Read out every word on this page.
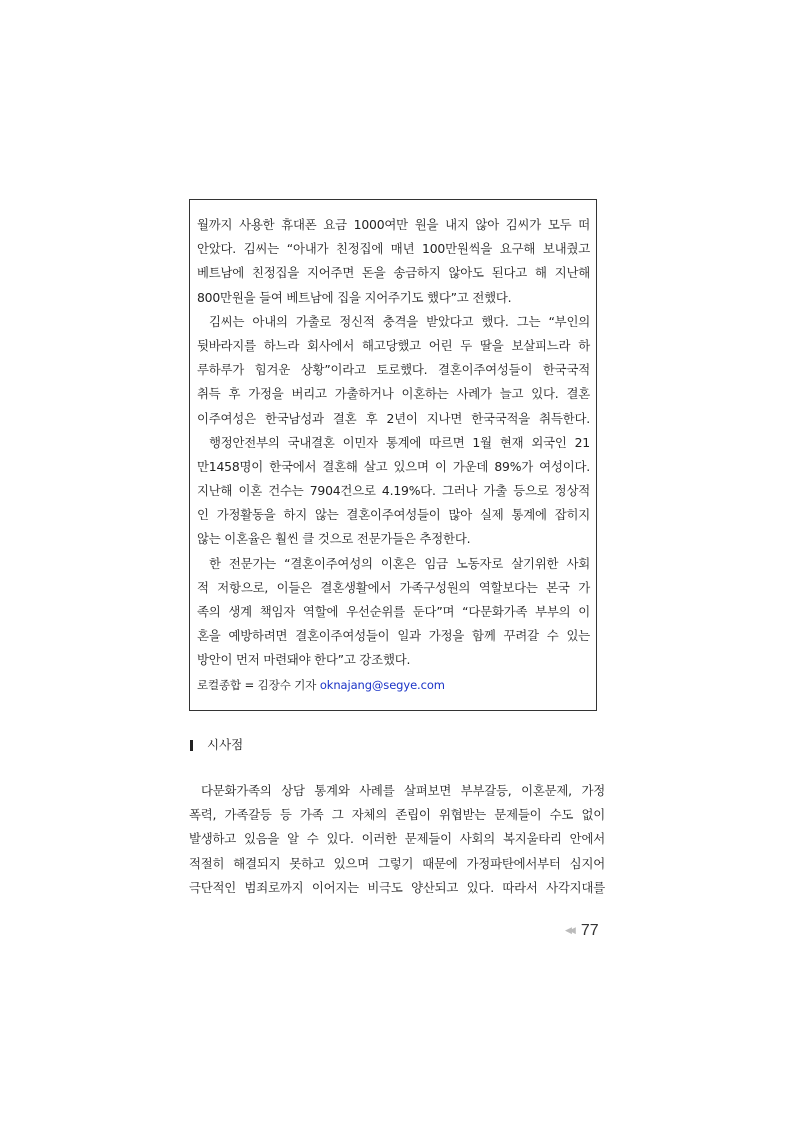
월까지 사용한 휴대폰 요금 1000여만 원을 내지 않아 김씨가 모두 떠
안았다. 김씨는 “아내가 친정집에 매년 100만원씩을 요구해 보내줬고
베트남에 친정집을 지어주면 돈을 송금하지 않아도 된다고 해 지난해
800만원을 들여 베트남에 집을 지어주기도 했다”고 전했다.
김씨는 아내의 가출로 정신적 충격을 받았다고 했다. 그는 “부인의
뒷바라지를 하느라 회사에서 해고당했고 어린 두 딸을 보살피느라 하
루하루가 힘겨운 상황”이라고 토로했다. 결혼이주여성들이 한국국적
취득 후 가정을 버리고 가출하거나 이혼하는 사례가 늘고 있다. 결혼
이주여성은 한국남성과 결혼 후 2년이 지나면 한국국적을 취득한다.
행정안전부의 국내결혼 이민자 통계에 따르면 1월 현재 외국인 21
만1458명이 한국에서 결혼해 살고 있으며 이 가운데 89%가 여성이다.
지난해 이혼 건수는 7904건으로 4.19%다. 그러나 가출 등으로 정상적
인 가정활동을 하지 않는 결혼이주여성들이 많아 실제 통계에 잡히지
않는 이혼율은 훨씬 클 것으로 전문가들은 추정한다.
한 전문가는 “결혼이주여성의 이혼은 임금 노동자로 살기위한 사회
적 저항으로, 이들은 결혼생활에서 가족구성원의 역할보다는 본국 가
족의 생계 책임자 역할에 우선순위를 둔다”며 “다문화가족 부부의 이
혼을 예방하려면 결혼이주여성들이 일과 가정을 함께 꾸려갈 수 있는
방안이 먼저 마련돼야 한다”고 강조했다.
로컬종합 = 김장수 기자 oknajang@segye.com
시사점
다문화가족의 상담 통계와 사례를 살펴보면 부부갈등, 이혼문제, 가정
폭력, 가족갈등 등 가족 그 자체의 존립이 위협받는 문제들이 수도 없이
발생하고 있음을 알 수 있다. 이러한 문제들이 사회의 복지울타리 안에서
적절히 해결되지 못하고 있으며 그렇기 때문에 가정파탄에서부터 심지어
극단적인 범죄로까지 이어지는 비극도 양산되고 있다. 따라서 사각지대를
◀◀ 77
